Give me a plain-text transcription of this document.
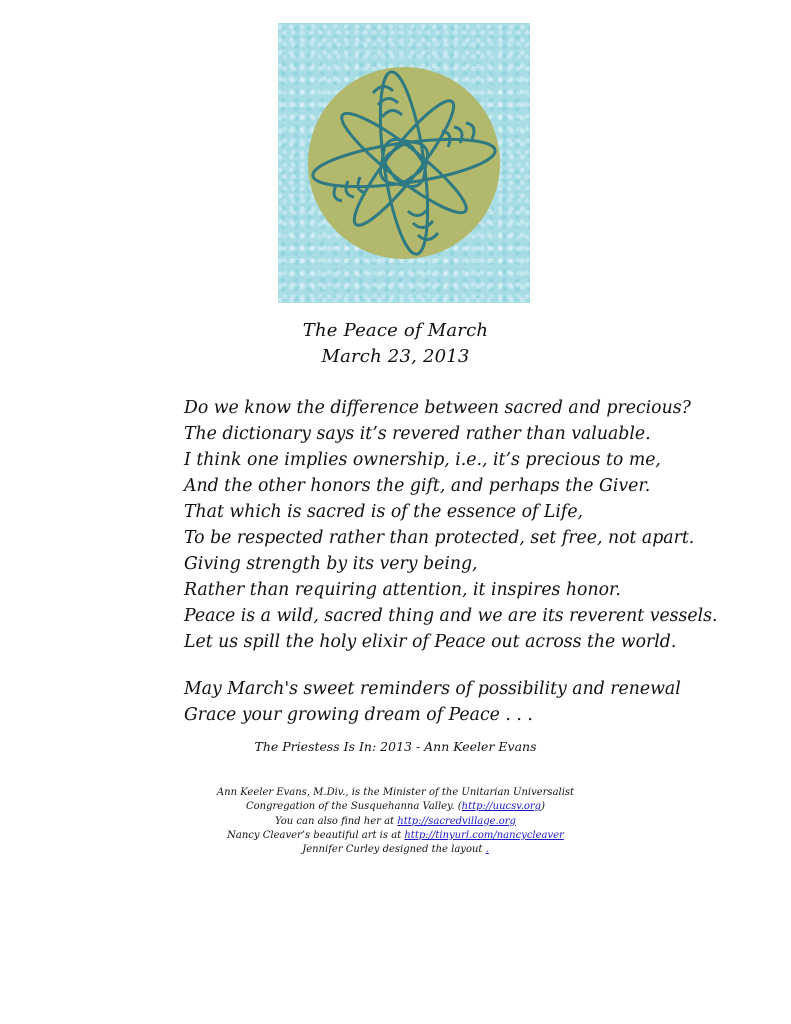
The Peace of March
March 23, 2013
Do we know the difference between sacred and precious?
The dictionary says it’s revered rather than valuable.
I think one implies ownership, i.e., it’s precious to me,
And the other honors the gift, and perhaps the Giver.
That which is sacred is of the essence of Life,
To be respected rather than protected, set free, not apart.
Giving strength by its very being,
Rather than requiring attention, it inspires honor.
Peace is a wild, sacred thing and we are its reverent vessels.
Let us spill the holy elixir of Peace out across the world.
May March's sweet reminders of possibility and renewal
Grace your growing dream of Peace . . .
The Priestess Is In: 2013 - Ann Keeler Evans
Ann Keeler Evans, M.Div., is the Minister of the Unitarian Universalist
Congregation of the Susquehanna Valley. (http://uucsv.org)
You can also find her at http://sacredvillage.org
Nancy Cleaver’s beautiful art is at http://tinyurl.com/nancycleaver
Jennifer Curley designed the layout .
